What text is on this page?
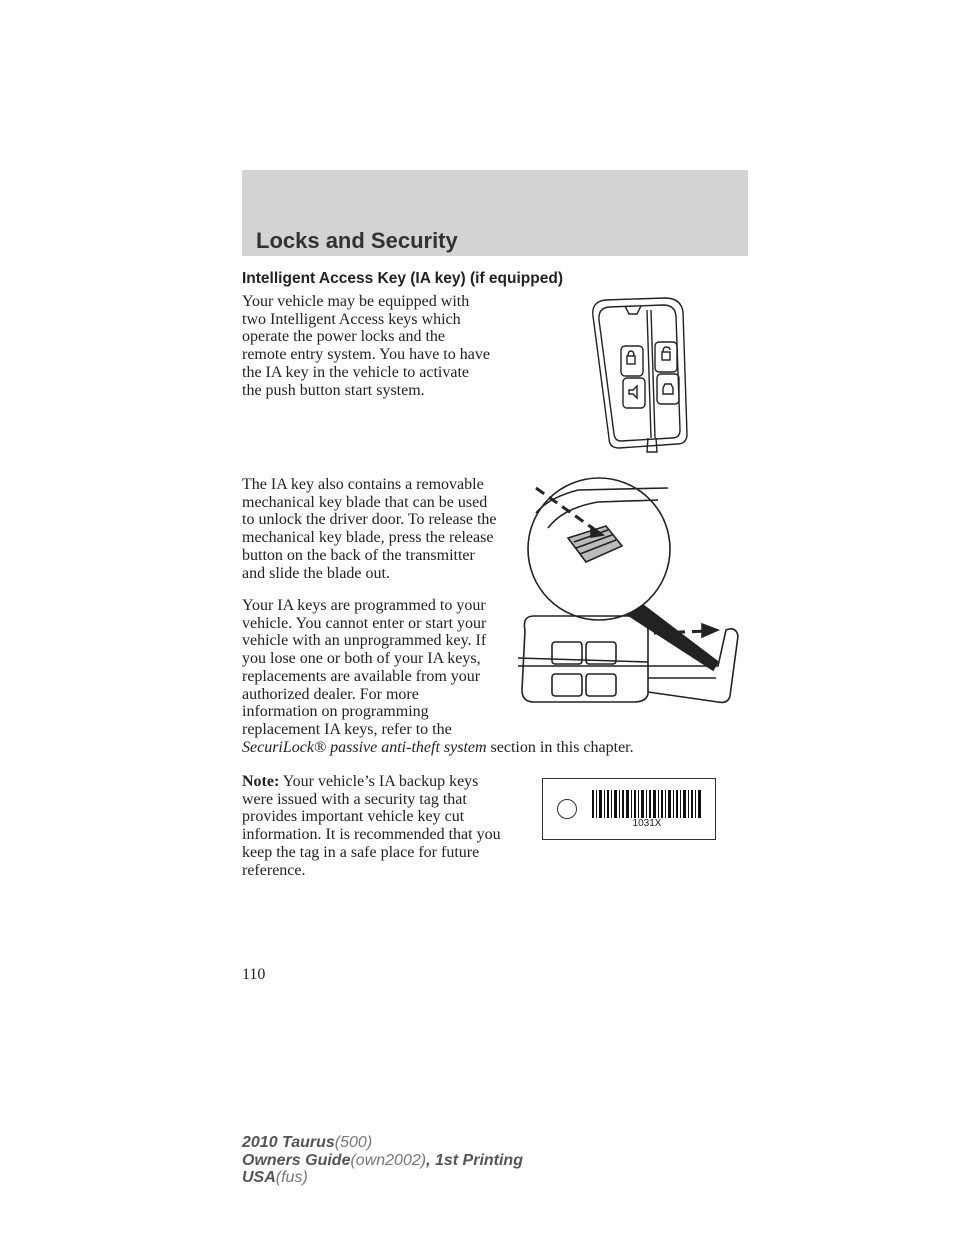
Locks and Security
Intelligent Access Key (IA key) (if equipped)
Your vehicle may be equipped with two Intelligent Access keys which operate the power locks and the remote entry system. You have to have the IA key in the vehicle to activate the push button start system.
The IA key also contains a removable mechanical key blade that can be used to unlock the driver door. To release the mechanical key blade, press the release button on the back of the transmitter and slide the blade out.
Your IA keys are programmed to your vehicle. You cannot enter or start your vehicle with an unprogrammed key. If you lose one or both of your IA keys, replacements are available from your authorized dealer. For more information on programming replacement IA keys, refer to the
SecuriLock® passive anti-theft system section in this chapter.
Note: Your vehicle’s IA backup keys were issued with a security tag that provides important vehicle key cut information. It is recommended that you keep the tag in a safe place for future reference.
1031X
110
2010 Taurus(500)
Owners Guide(own2002), 1st Printing
USA(fus)
